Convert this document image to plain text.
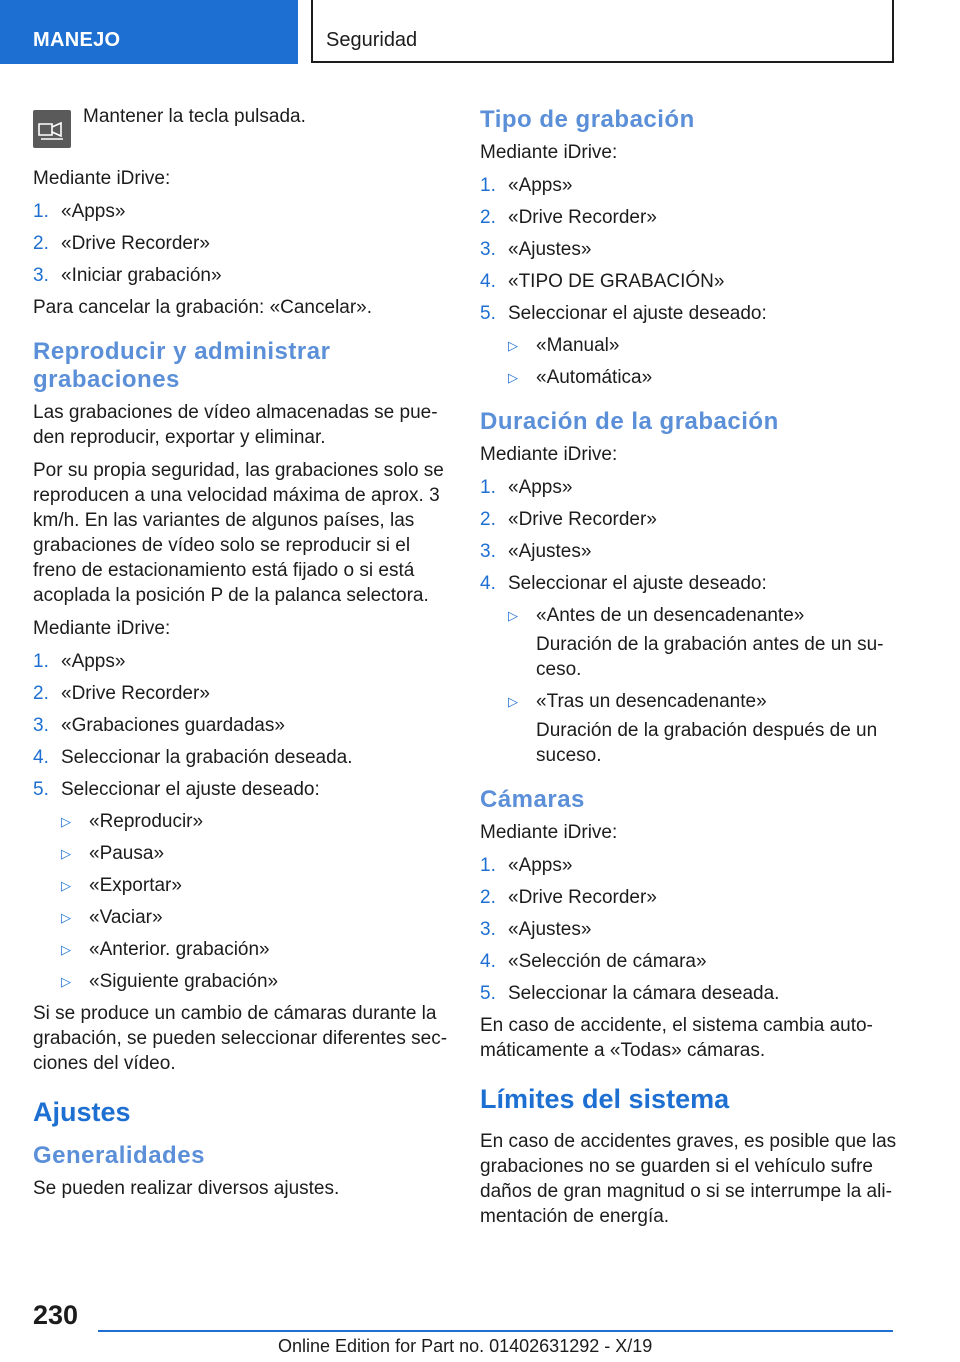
MANEJO	Seguridad
Mantener la tecla pulsada.

Mediante iDrive:

1. «Apps»
2. «Drive Recorder»
3. «Iniciar grabación»

Para cancelar la grabación: «Cancelar».

Reproducir y administrar grabaciones

Las grabaciones de vídeo almacenadas se pue-den reproducir, exportar y eliminar.

Por su propia seguridad, las grabaciones solo se reproducen a una velocidad máxima de aprox. 3 km/h. En las variantes de algunos países, las grabaciones de vídeo solo se reproducir si el freno de estacionamiento está fijado o si está acoplada la posición P de la palanca selectora.

Mediante iDrive:

1. «Apps»
2. «Drive Recorder»
3. «Grabaciones guardadas»
4. Seleccionar la grabación deseada.
5. Seleccionar el ajuste deseado:
▷ «Reproducir»
▷ «Pausa»
▷ «Exportar»
▷ «Vaciar»
▷ «Anterior. grabación»
▷ «Siguiente grabación»

Si se produce un cambio de cámaras durante la grabación, se pueden seleccionar diferentes sec-ciones del vídeo.

Ajustes
Generalidades

Se pueden realizar diversos ajustes.

Tipo de grabación

Mediante iDrive:

1. «Apps»
2. «Drive Recorder»
3. «Ajustes»
4. «TIPO DE GRABACIÓN»
5. Seleccionar el ajuste deseado:
▷ «Manual»
▷ «Automática»
Duración de la grabación

Mediante iDrive:

1. «Apps»
2. «Drive Recorder»
3. «Ajustes»
4. Seleccionar el ajuste deseado:
▷ «Antes de un desencadenante»
Duración de la grabación antes de un su-ceso.
▷ «Tras un desencadenante»
Duración de la grabación después de un suceso.
Cámaras

Mediante iDrive:

1. «Apps»
2. «Drive Recorder»
3. «Ajustes»
4. «Selección de cámara»
5. Seleccionar la cámara deseada.

En caso de accidente, el sistema cambia auto-máticamente a «Todas» cámaras.

Límites del sistema

En caso de accidentes graves, es posible que las grabaciones no se guarden si el vehículo sufre daños de gran magnitud o si se interrumpe la ali-mentación de energía.

230
Online Edition for Part no. 01402631292 - X/19
